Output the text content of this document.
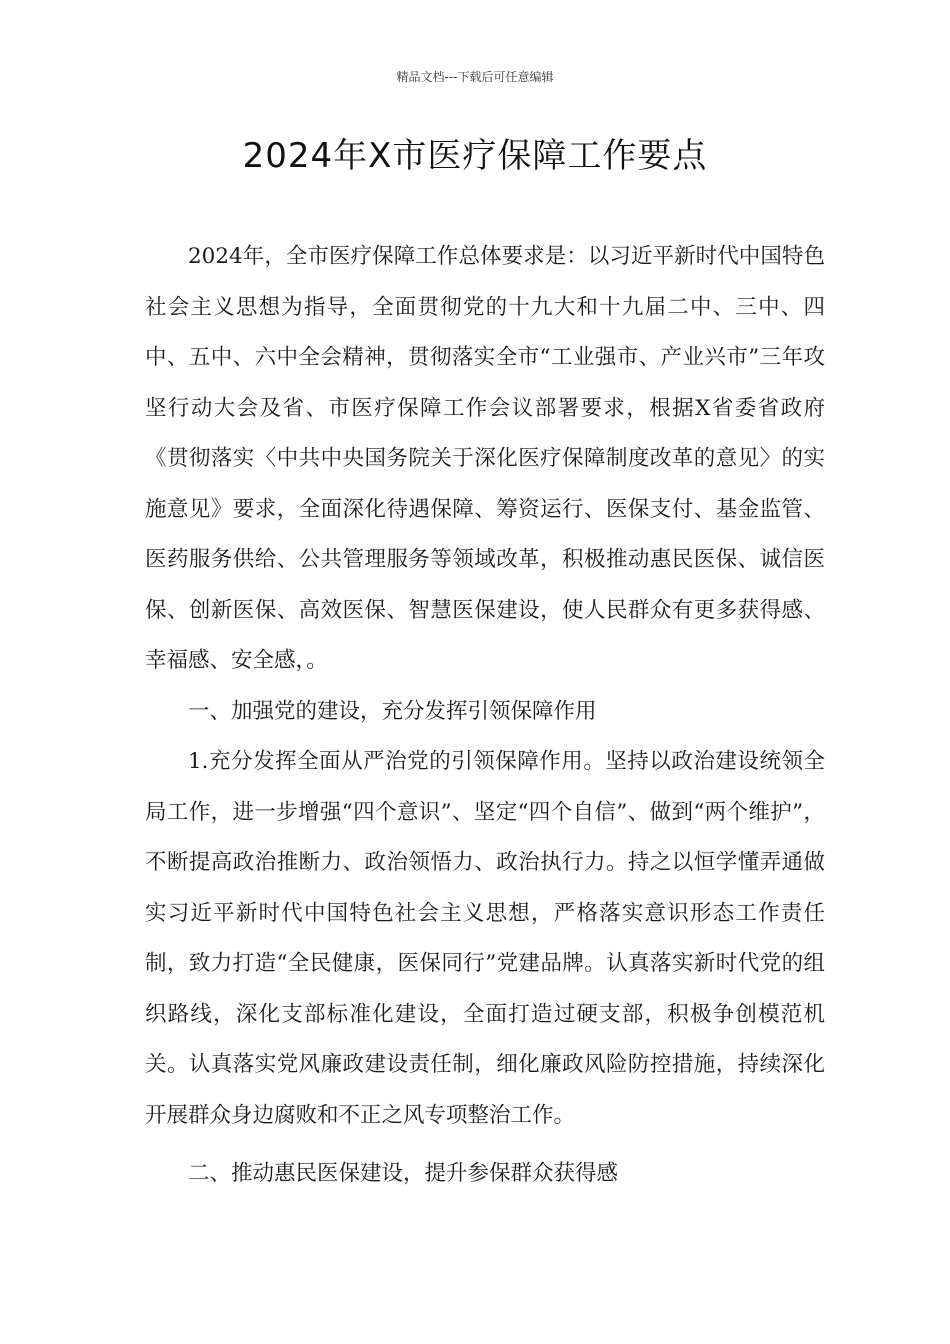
精品文档---下载后可任意编辑
2024年X市医疗保障工作要点

2024年，全市医疗保障工作总体要求是：以习近平新时代中国特色社会主义思想为指导，全面贯彻党的十九大和十九届二中、三中、四中、五中、六中全会精神，贯彻落实全市“工业强市、产业兴市”三年攻坚行动大会及省、市医疗保障工作会议部署要求，根据X省委省政府《贯彻落实〈中共中央国务院关于深化医疗保障制度改革的意见〉的实施意见》要求，全面深化待遇保障、筹资运行、医保支付、基金监管、医药服务供给、公共管理服务等领域改革，积极推动惠民医保、诚信医保、创新医保、高效医保、智慧医保建设，使人民群众有更多获得感、幸福感、安全感，。

一、加强党的建设，充分发挥引领保障作用

1.充分发挥全面从严治党的引领保障作用。坚持以政治建设统领全局工作，进一步增强“四个意识”、坚定“四个自信”、做到“两个维护”，不断提高政治推断力、政治领悟力、政治执行力。持之以恒学懂弄通做实习近平新时代中国特色社会主义思想，严格落实意识形态工作责任制，致力打造“全民健康，医保同行”党建品牌。认真落实新时代党的组织路线，深化支部标准化建设，全面打造过硬支部，积极争创模范机关。认真落实党风廉政建设责任制，细化廉政风险防控措施，持续深化开展群众身边腐败和不正之风专项整治工作。

二、推动惠民医保建设，提升参保群众获得感
